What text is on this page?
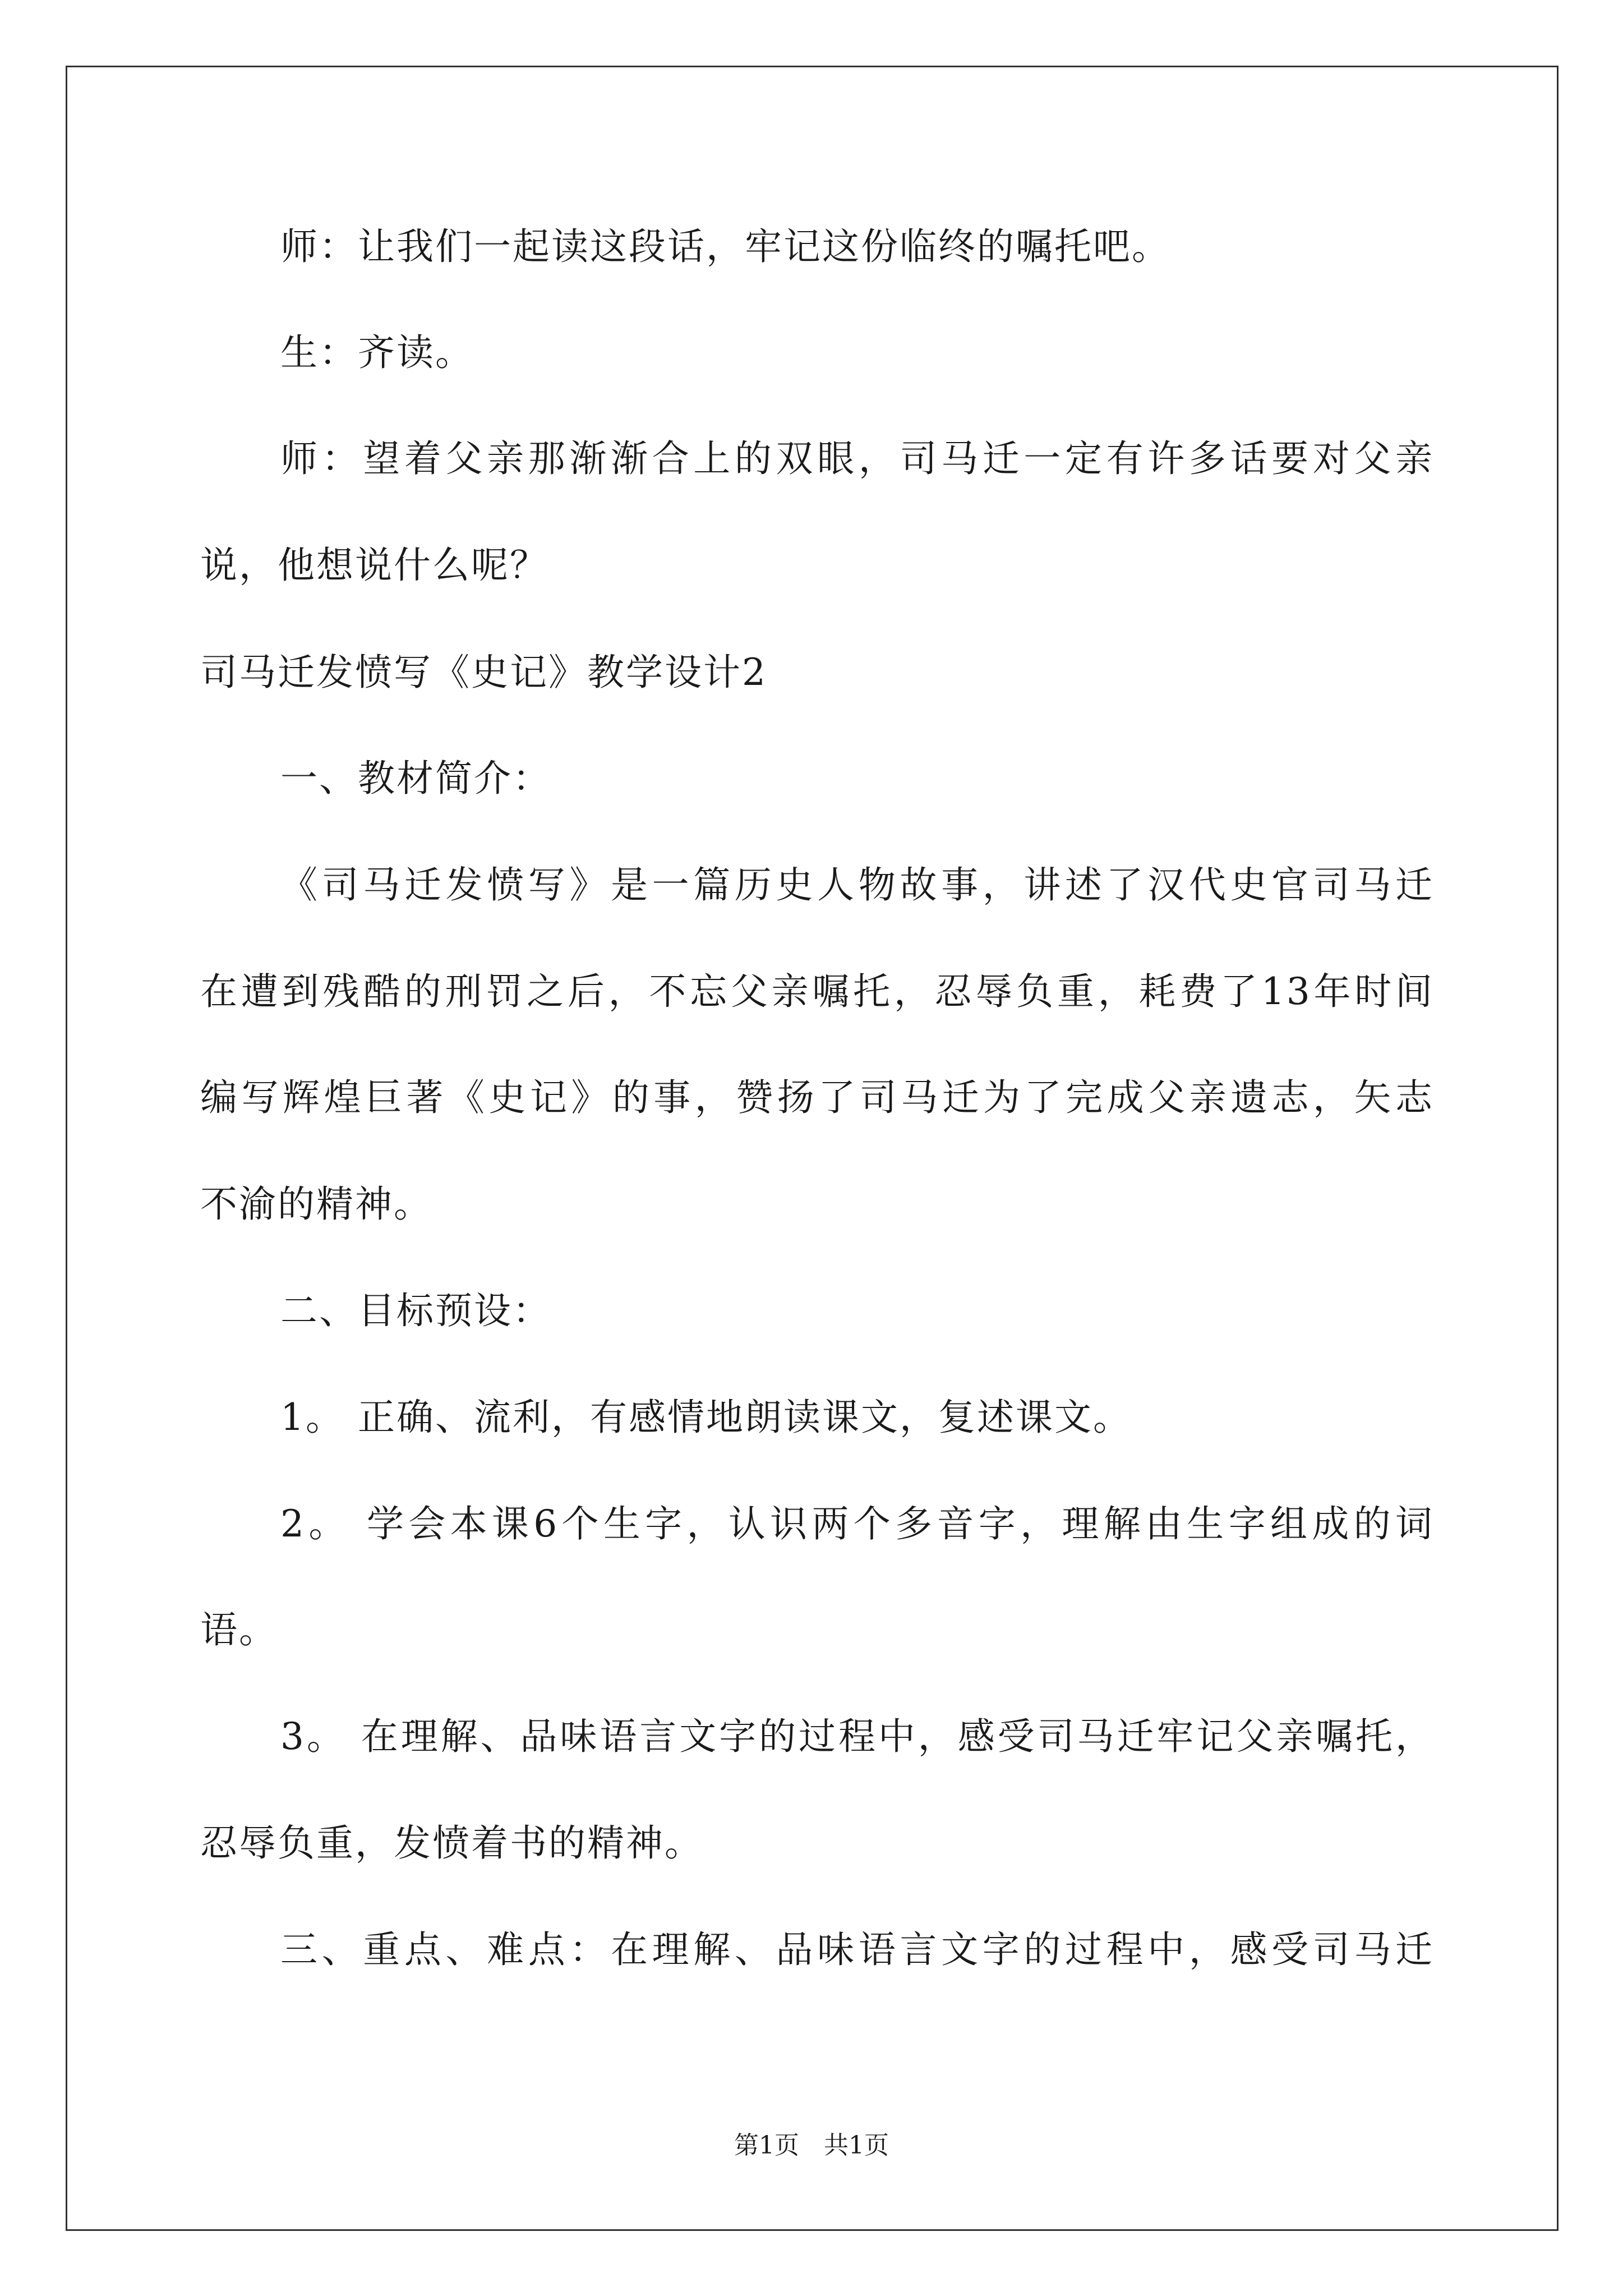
师：让我们一起读这段话，牢记这份临终的嘱托吧。
生：齐读。
师：望着父亲那渐渐合上的双眼，司马迁一定有许多话要对父亲
说，他想说什么呢？
司马迁发愤写《史记》教学设计2
一、教材简介：
《司马迁发愤写》是一篇历史人物故事，讲述了汉代史官司马迁
在遭到残酷的刑罚之后，不忘父亲嘱托，忍辱负重，耗费了13年时间
编写辉煌巨著《史记》的事，赞扬了司马迁为了完成父亲遗志，矢志
不渝的精神。
二、目标预设：
1。 正确、流利，有感情地朗读课文，复述课文。
2。 学会本课6个生字，认识两个多音字，理解由生字组成的词
语。
3。 在理解、品味语言文字的过程中，感受司马迁牢记父亲嘱托，
忍辱负重，发愤着书的精神。
三、重点、难点：在理解、品味语言文字的过程中，感受司马迁
第1页　共1页
